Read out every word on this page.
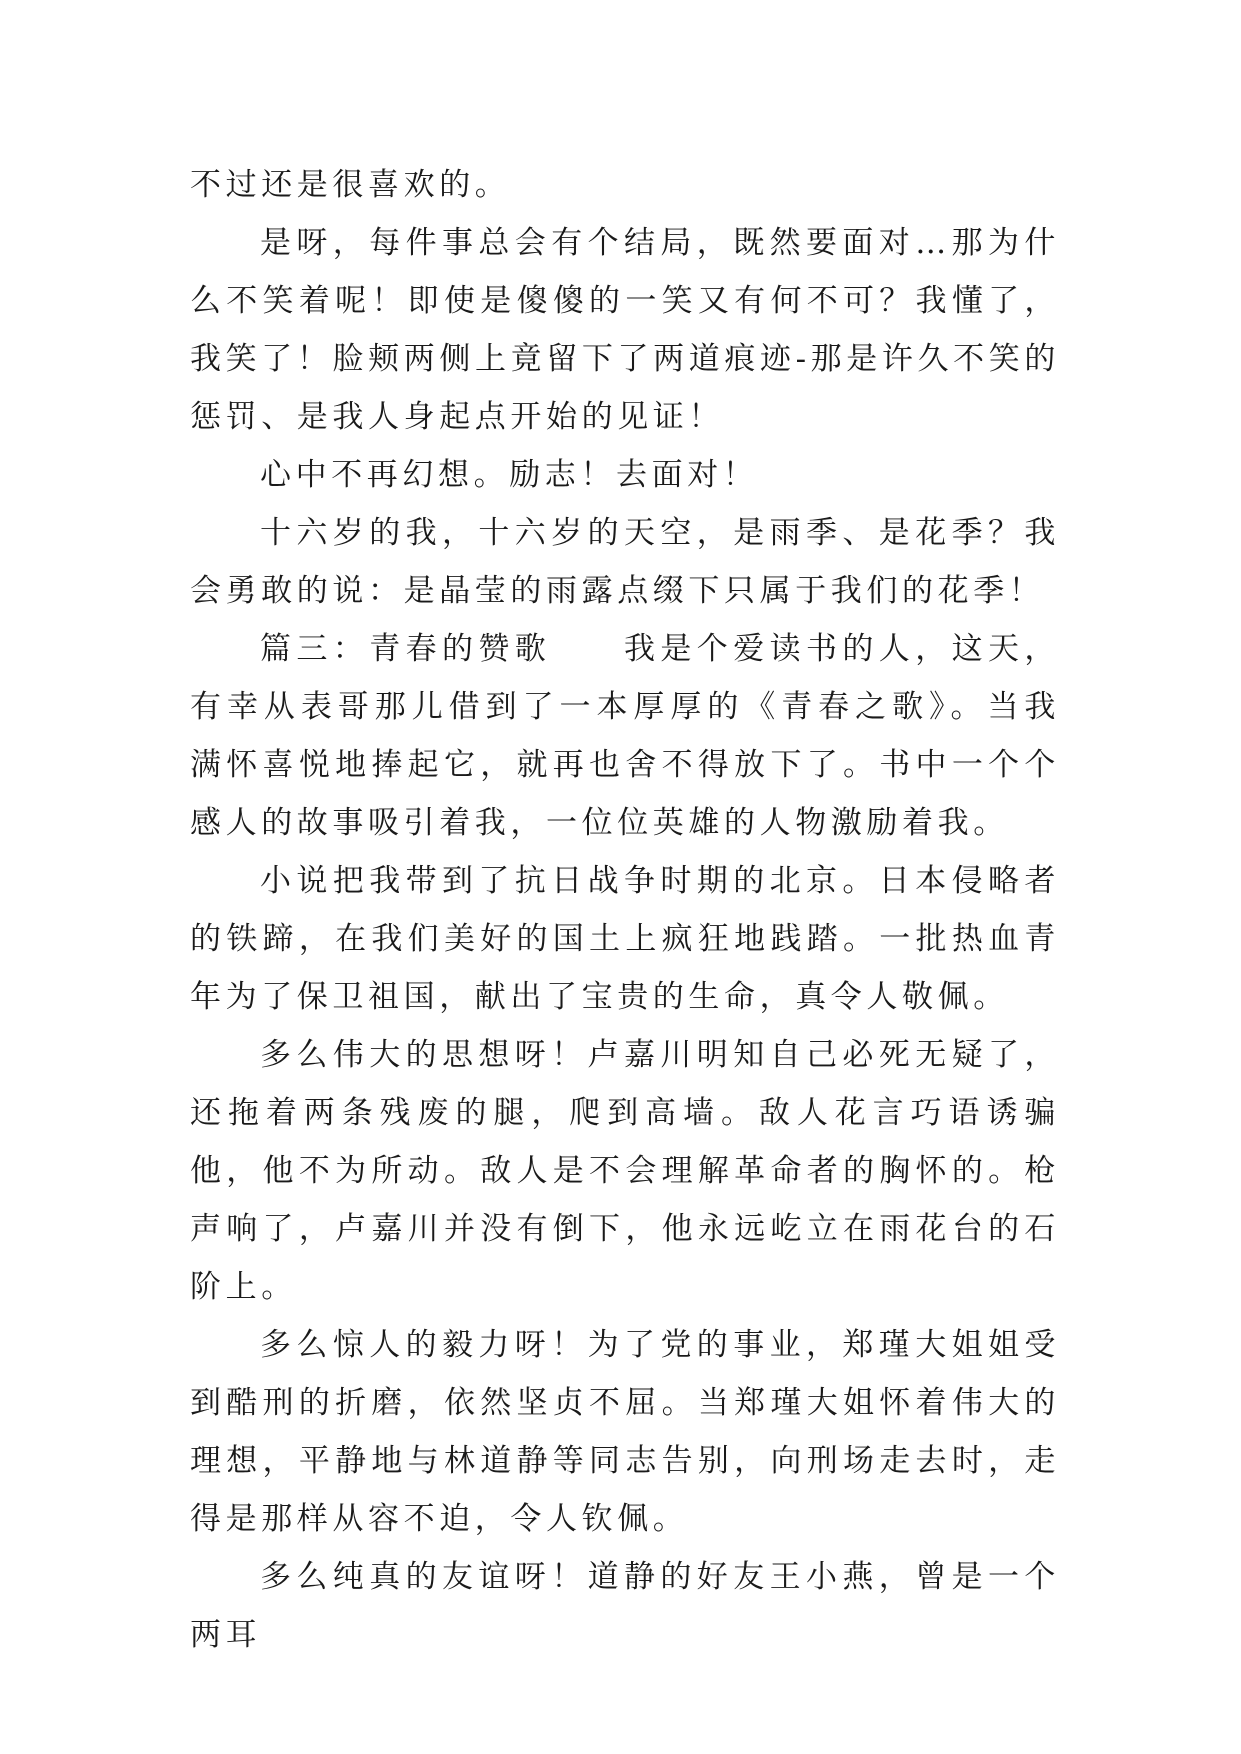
不过还是很喜欢的。

是呀，每件事总会有个结局，既然要面对…那为什么不笑着呢！即使是傻傻的一笑又有何不可？我懂了，我笑了！脸颊两侧上竟留下了两道痕迹-那是许久不笑的惩罚、是我人身起点开始的见证！

心中不再幻想。励志！去面对！

十六岁的我，十六岁的天空，是雨季、是花季？我会勇敢的说：是晶莹的雨露点缀下只属于我们的花季！

篇三：青春的赞歌　　我是个爱读书的人，这天，有幸从表哥那儿借到了一本厚厚的《青春之歌》。当我满怀喜悦地捧起它，就再也舍不得放下了。书中一个个感人的故事吸引着我，一位位英雄的人物激励着我。

小说把我带到了抗日战争时期的北京。日本侵略者的铁蹄，在我们美好的国土上疯狂地践踏。一批热血青年为了保卫祖国，献出了宝贵的生命，真令人敬佩。

多么伟大的思想呀！卢嘉川明知自己必死无疑了，还拖着两条残废的腿，爬到高墙。敌人花言巧语诱骗他，他不为所动。敌人是不会理解革命者的胸怀的。枪声响了，卢嘉川并没有倒下，他永远屹立在雨花台的石阶上。

多么惊人的毅力呀！为了党的事业，郑瑾大姐姐受到酷刑的折磨，依然坚贞不屈。当郑瑾大姐怀着伟大的理想，平静地与林道静等同志告别，向刑场走去时，走得是那样从容不迫，令人钦佩。

多么纯真的友谊呀！道静的好友王小燕，曾是一个两耳
